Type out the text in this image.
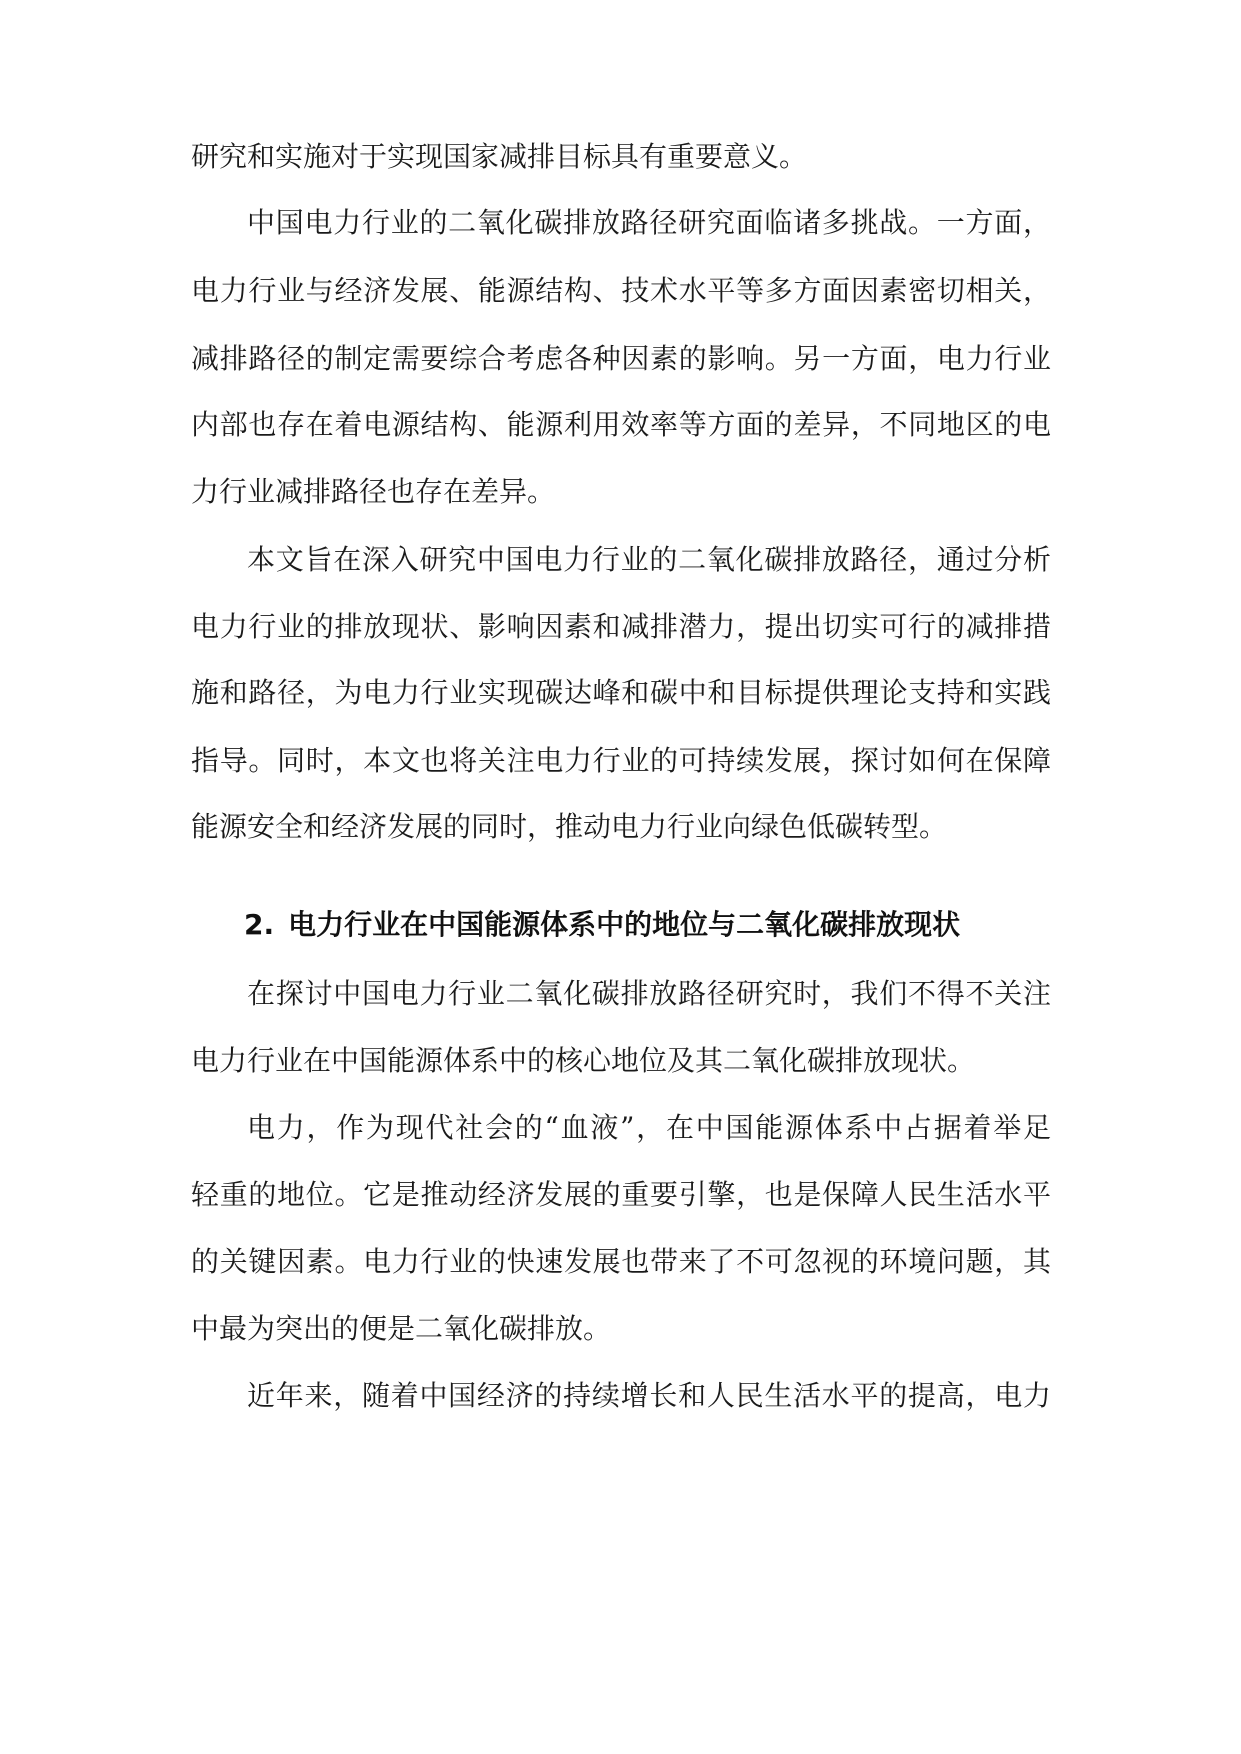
研究和实施对于实现国家减排目标具有重要意义。
中国电力行业的二氧化碳排放路径研究面临诸多挑战。一方面，
电力行业与经济发展、能源结构、技术水平等多方面因素密切相关，
减排路径的制定需要综合考虑各种因素的影响。另一方面，电力行业
内部也存在着电源结构、能源利用效率等方面的差异，不同地区的电
力行业减排路径也存在差异。
本文旨在深入研究中国电力行业的二氧化碳排放路径，通过分析
电力行业的排放现状、影响因素和减排潜力，提出切实可行的减排措
施和路径，为电力行业实现碳达峰和碳中和目标提供理论支持和实践
指导。同时，本文也将关注电力行业的可持续发展，探讨如何在保障
能源安全和经济发展的同时，推动电力行业向绿色低碳转型。
2. 电力行业在中国能源体系中的地位与二氧化碳排放现状
在探讨中国电力行业二氧化碳排放路径研究时，我们不得不关注
电力行业在中国能源体系中的核心地位及其二氧化碳排放现状。
电力，作为现代社会的“血液”，在中国能源体系中占据着举足
轻重的地位。它是推动经济发展的重要引擎，也是保障人民生活水平
的关键因素。电力行业的快速发展也带来了不可忽视的环境问题，其
中最为突出的便是二氧化碳排放。
近年来，随着中国经济的持续增长和人民生活水平的提高，电力
